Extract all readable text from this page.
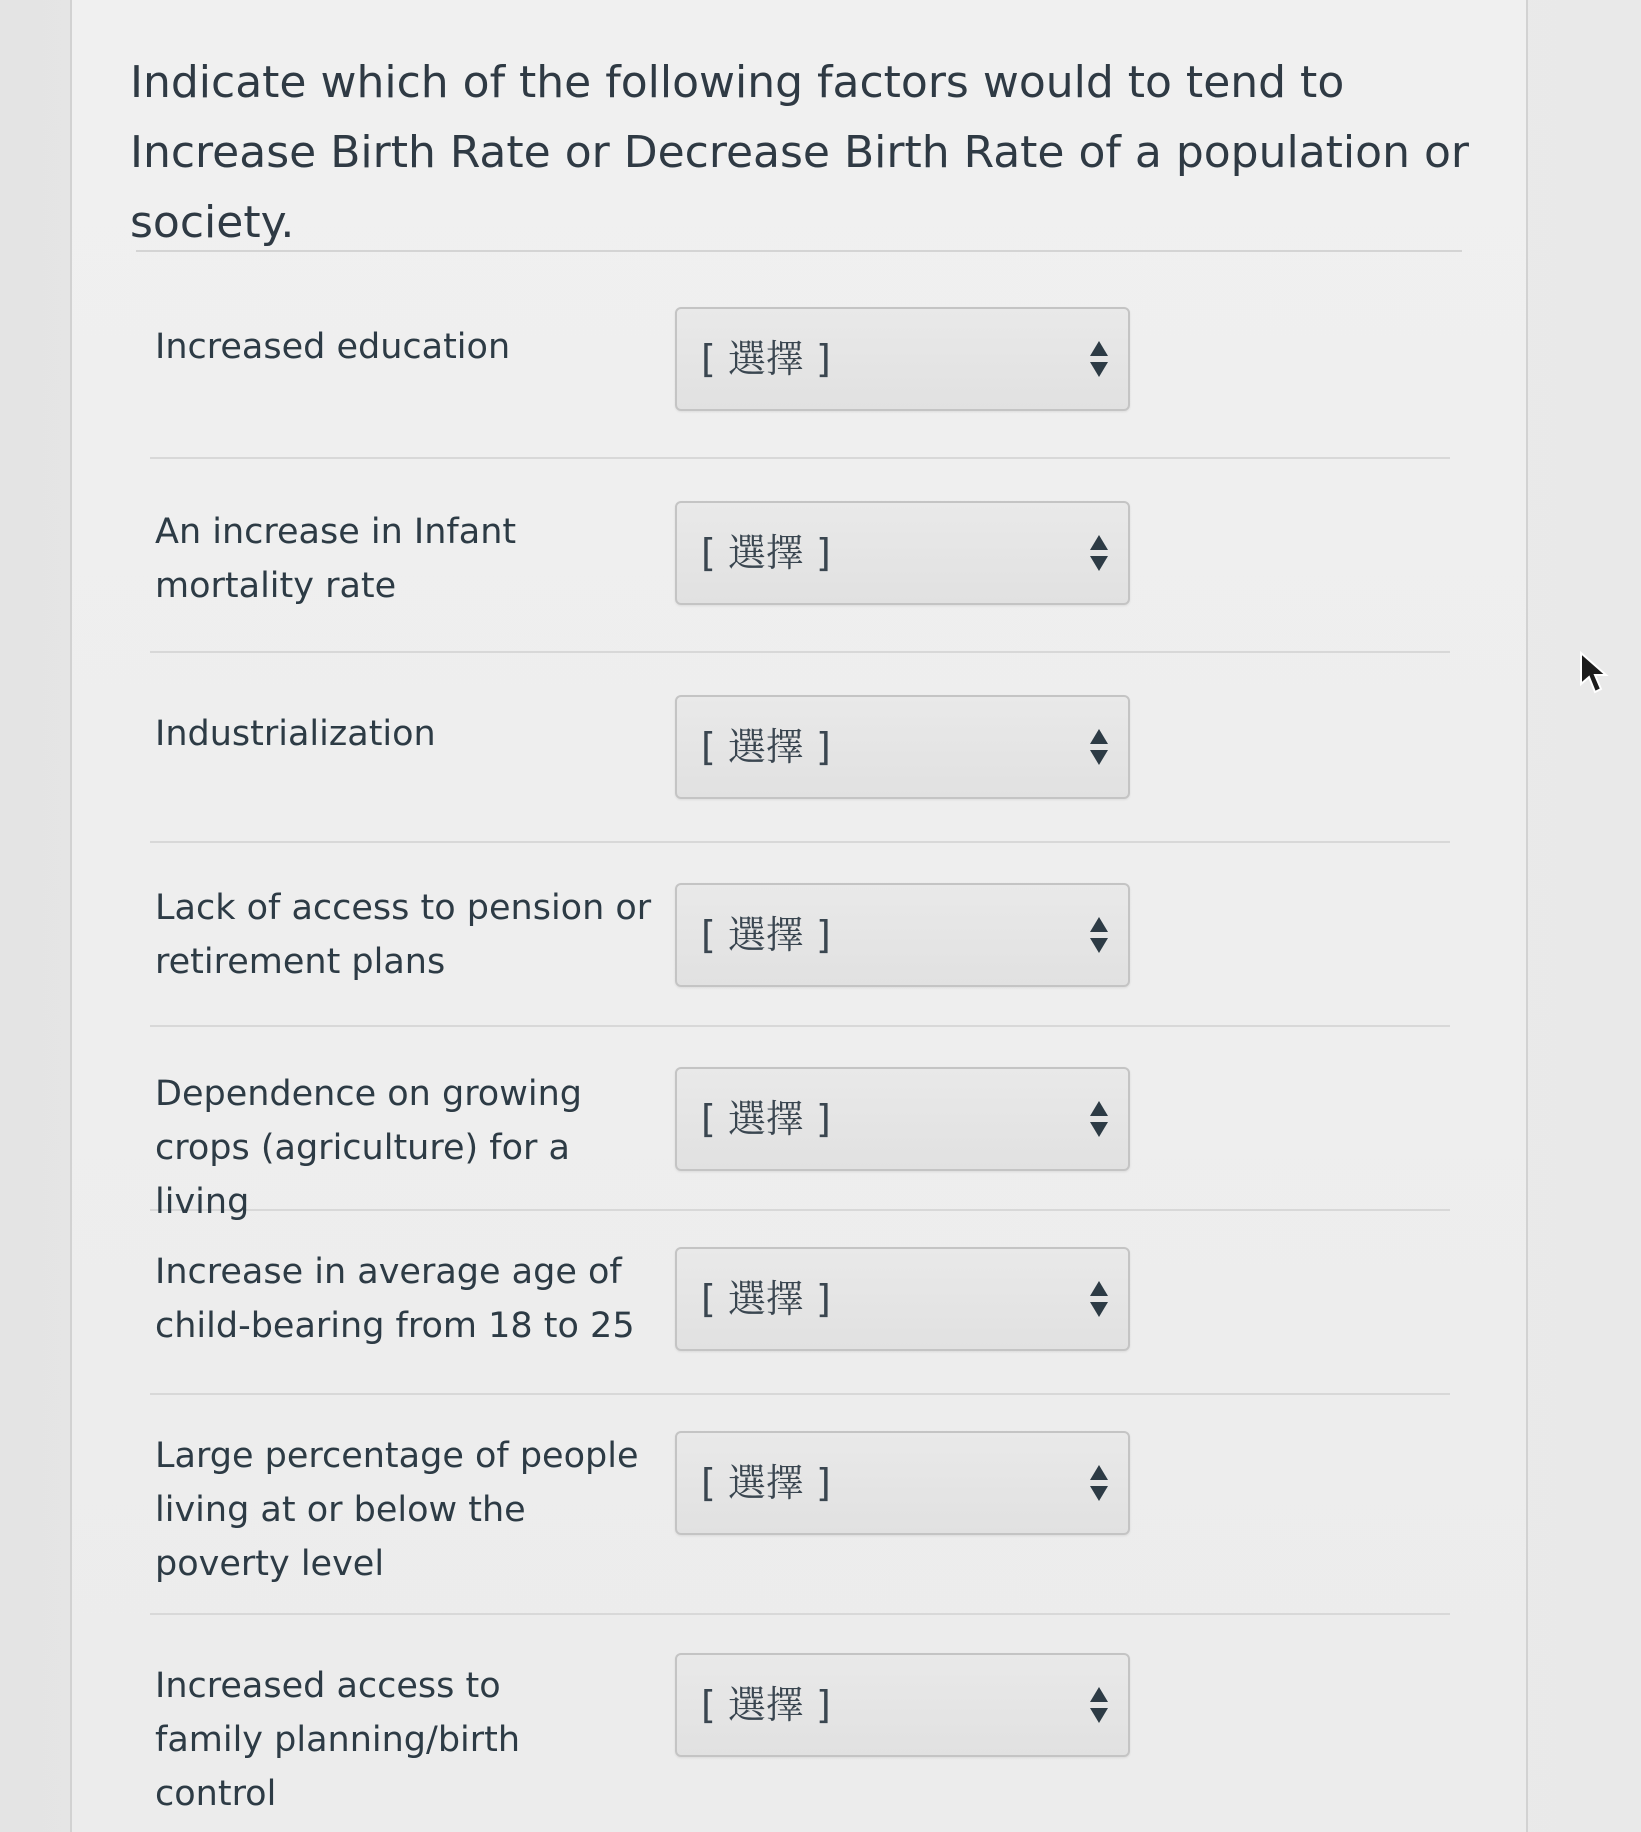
Indicate which of the following factors would to tend to Increase Birth Rate or Decrease Birth Rate of a population or society.
Increased education	[ 選擇 ]
An increase in Infant mortality rate
[ 選擇 ]
Industrialization	[ 選擇 ]
Lack of access to pension or retirement plans
[ 選擇 ]
Dependence on growing crops (agriculture) for a living
[ 選擇 ]
Increase in average age of child-bearing from 18 to 25
[ 選擇 ]
Large percentage of people living at or below the poverty level
[ 選擇 ]
Increased access to family planning/birth control
[ 選擇 ]
